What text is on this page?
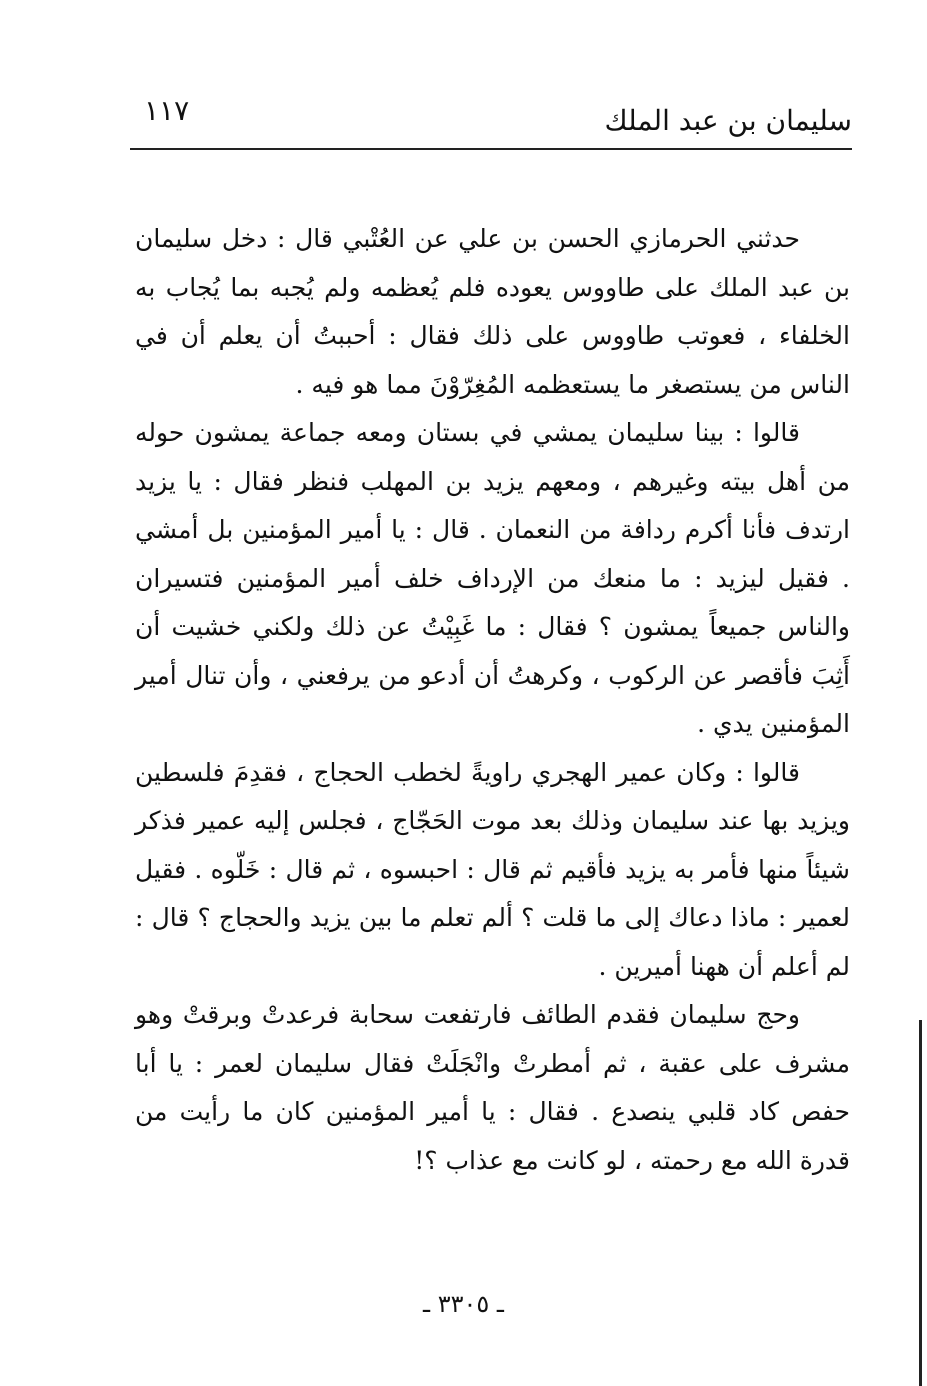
سليمان بن عبد الملك
١١٧

حدثني الحرمازي الحسن بن علي عن العُتْبي قال : دخل سليمان بن عبد الملك على طاووس يعوده فلم يُعظمه ولم يُجبه بما يُجاب به الخلفاء ، فعوتب طاووس على ذلك فقال : أحببتُ أن يعلم أن في الناس من يستصغر ما يستعظمه المُغِرّوْنَ مما هو فيه .

قالوا : بينا سليمان يمشي في بستان ومعه جماعة يمشون حوله من أهل بيته وغيرهم ، ومعهم يزيد بن المهلب فنظر فقال : يا يزيد ارتدف فأنا أكرم ردافة من النعمان . قال : يا أمير المؤمنين بل أمشي . فقيل ليزيد : ما منعك من الإرداف خلف أمير المؤمنين فتسيران والناس جميعاً يمشون ؟ فقال : ما غَبِيْتُ عن ذلك ولكني خشيت أن أَثِبَ فأقصر عن الركوب ، وكرهتُ أن أدعو من يرفعني ، وأن تنال أمير المؤمنين يدي .

قالوا : وكان عمير الهجري راويةً لخطب الحجاج ، فقدِمَ فلسطين ويزيد بها عند سليمان وذلك بعد موت الحَجّاج ، فجلس إليه عمير فذكر شيئاً منها فأمر به يزيد فأقيم ثم قال : احبسوه ، ثم قال : خَلّوه . فقيل لعمير : ماذا دعاك إلى ما قلت ؟ ألم تعلم ما بين يزيد والحجاج ؟ قال : لم أعلم أن ههنا أميرين .

وحج سليمان فقدم الطائف فارتفعت سحابة فرعدتْ وبرقتْ وهو مشرف على عقبة ، ثم أمطرتْ وانْجَلَتْ فقال سليمان لعمر : يا أبا حفص كاد قلبي ينصدع . فقال : يا أمير المؤمنين كان ما رأيت من قدرة الله مع رحمته ، لو كانت مع عذاب ؟!

ـ ٣٣٠٥ ـ
